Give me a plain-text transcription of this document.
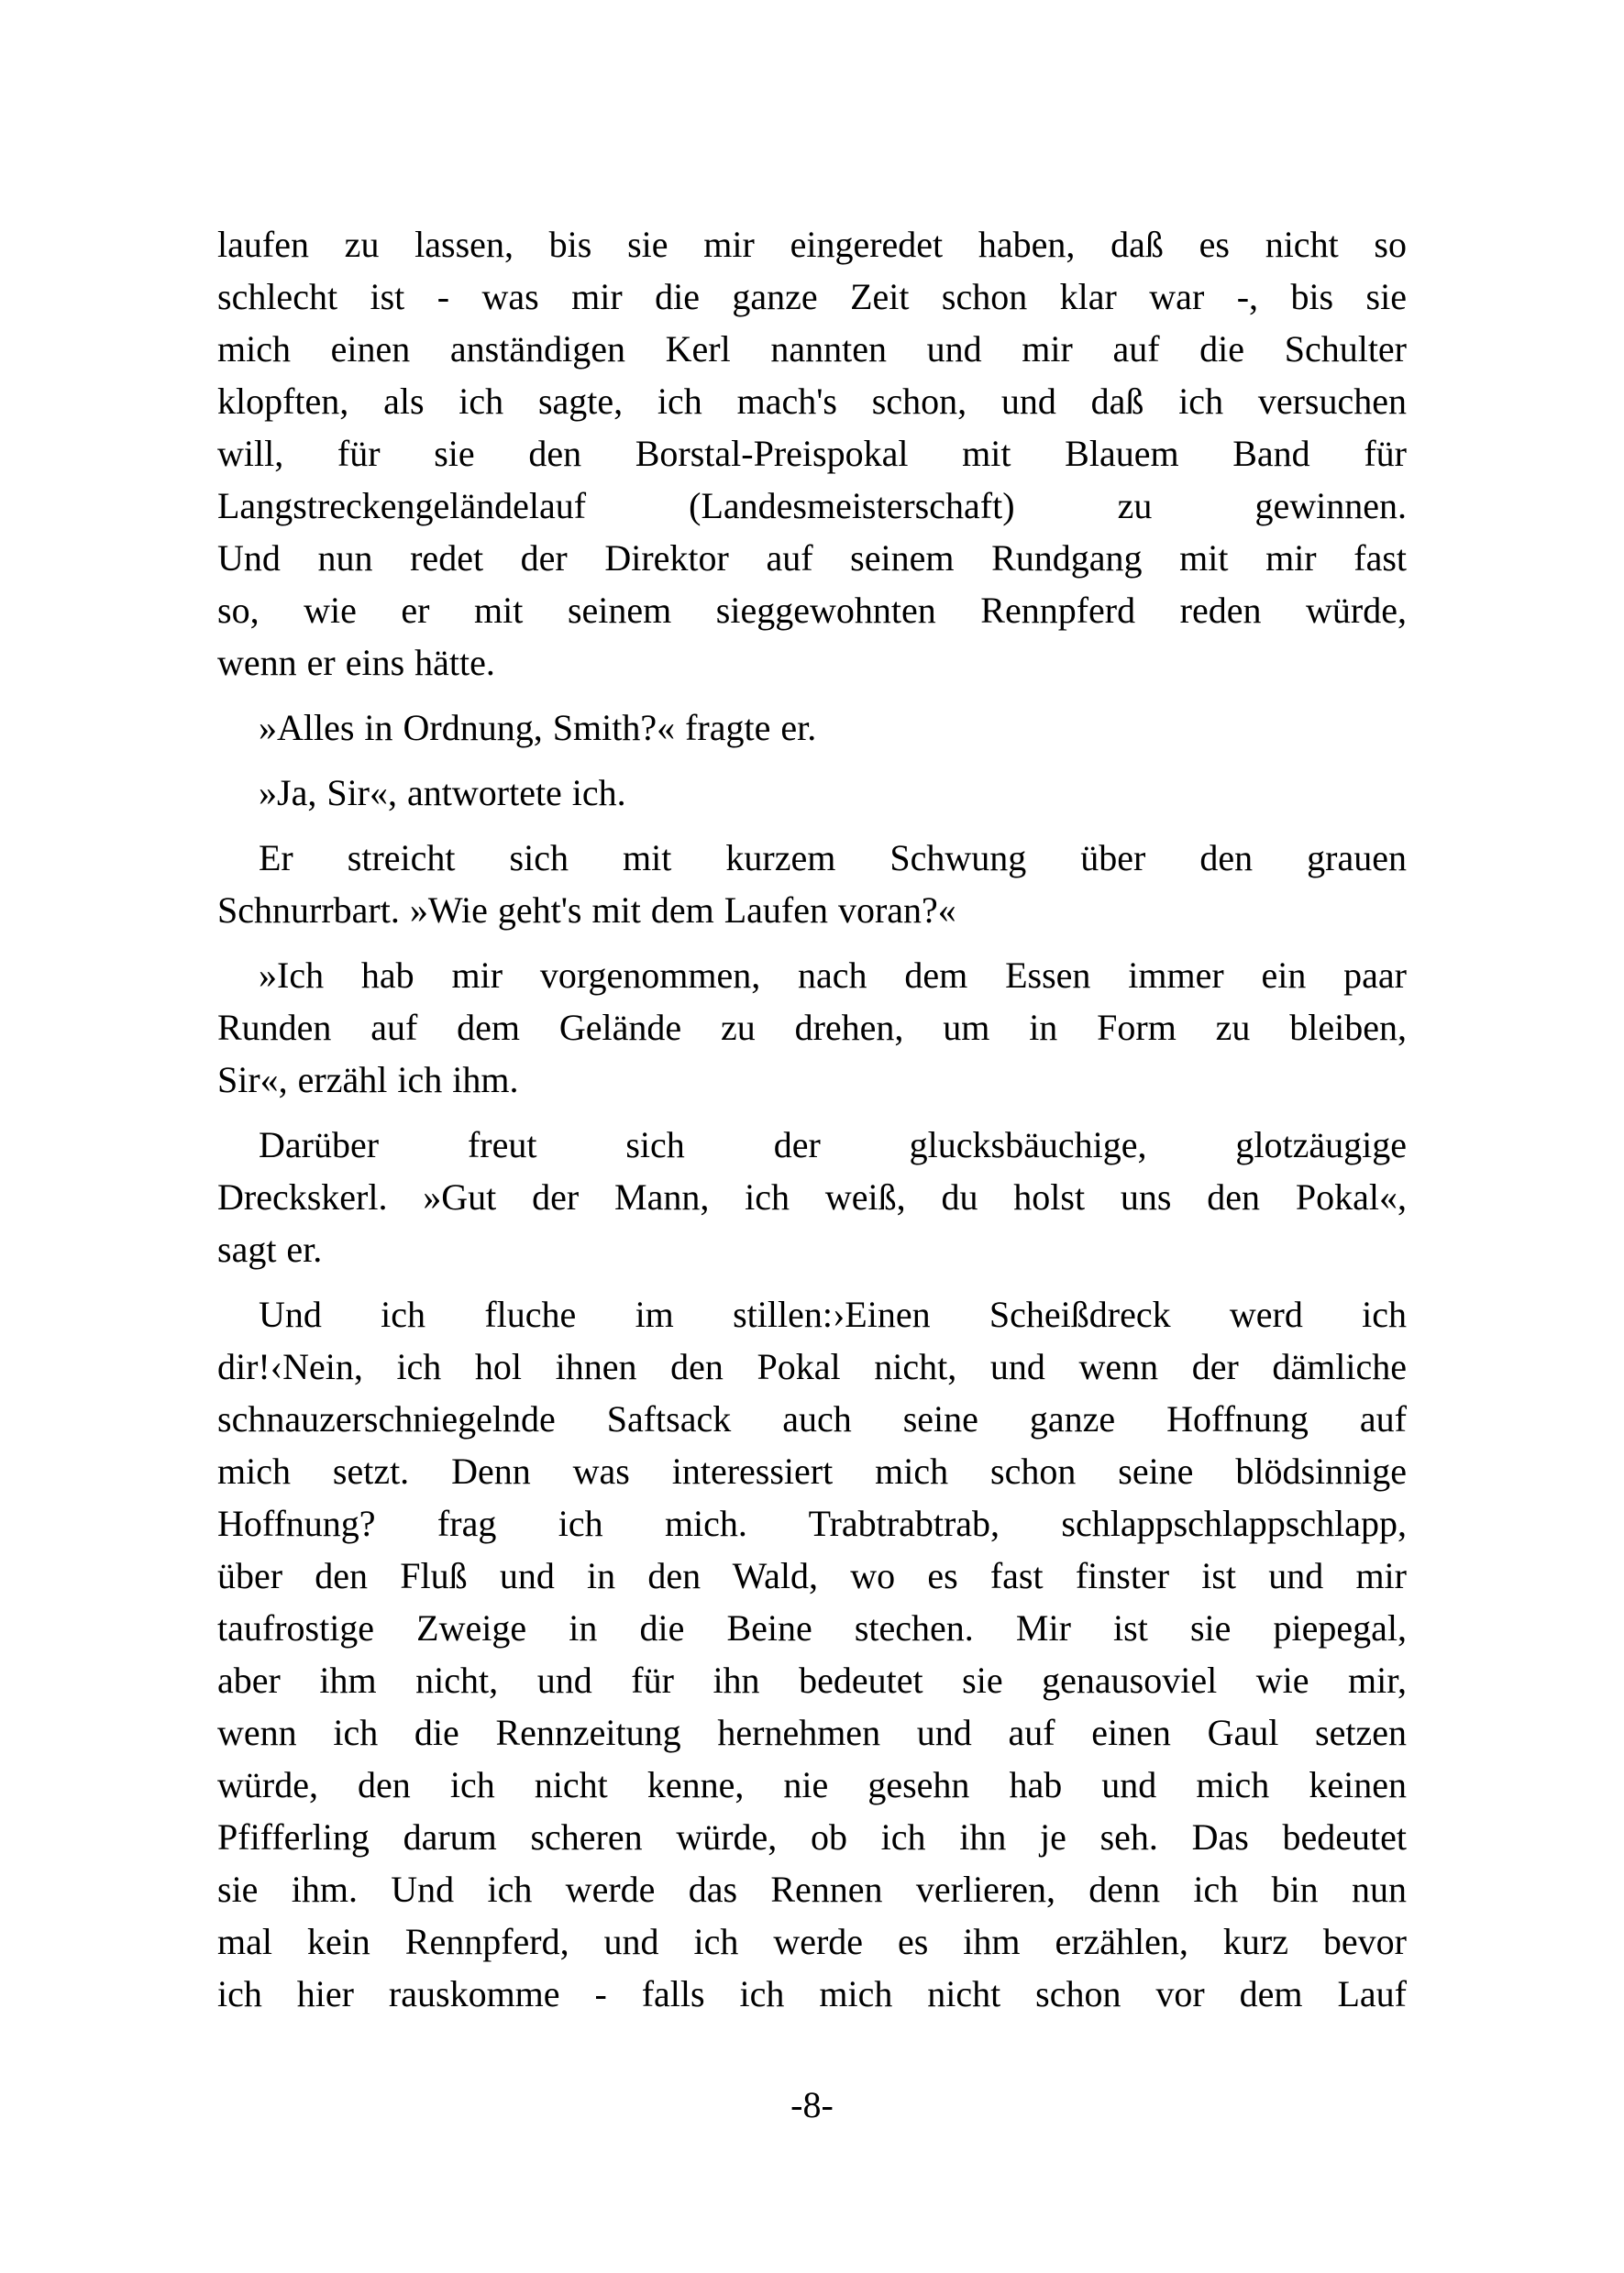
laufen zu lassen, bis sie mir eingeredet haben, daß es nicht so
schlecht ist - was mir die ganze Zeit schon klar war -, bis sie
mich einen anständigen Kerl nannten und mir auf die Schulter
klopften, als ich sagte, ich mach's schon, und daß ich versuchen
will, für sie den Borstal-Preispokal mit Blauem Band für
Langstreckengeländelauf (Landesmeisterschaft) zu gewinnen.
Und nun redet der Direktor auf seinem Rundgang mit mir fast
so, wie er mit seinem sieggewohnten Rennpferd reden würde,
wenn er eins hätte.
»Alles in Ordnung, Smith?« fragte er.
»Ja, Sir«, antwortete ich.
Er streicht sich mit kurzem Schwung über den grauen
Schnurrbart. »Wie geht's mit dem Laufen voran?«
»Ich hab mir vorgenommen, nach dem Essen immer ein paar
Runden auf dem Gelände zu drehen, um in Form zu bleiben,
Sir«, erzähl ich ihm.
Darüber freut sich der glucksbäuchige, glotzäugige
Dreckskerl. »Gut der Mann, ich weiß, du holst uns den Pokal«,
sagt er.
Und ich fluche im stillen:›Einen Scheißdreck werd ich
dir!‹Nein, ich hol ihnen den Pokal nicht, und wenn der dämliche
schnauzerschniegelnde Saftsack auch seine ganze Hoffnung auf
mich setzt. Denn was interessiert mich schon seine blödsinnige
Hoffnung? frag ich mich. Trabtrabtrab, schlappschlappschlapp,
über den Fluß und in den Wald, wo es fast finster ist und mir
taufrostige Zweige in die Beine stechen. Mir ist sie piepegal,
aber ihm nicht, und für ihn bedeutet sie genausoviel wie mir,
wenn ich die Rennzeitung hernehmen und auf einen Gaul setzen
würde, den ich nicht kenne, nie gesehn hab und mich keinen
Pfifferling darum scheren würde, ob ich ihn je seh. Das bedeutet
sie ihm. Und ich werde das Rennen verlieren, denn ich bin nun
mal kein Rennpferd, und ich werde es ihm erzählen, kurz bevor
ich hier rauskomme - falls ich mich nicht schon vor dem Lauf
-8-
